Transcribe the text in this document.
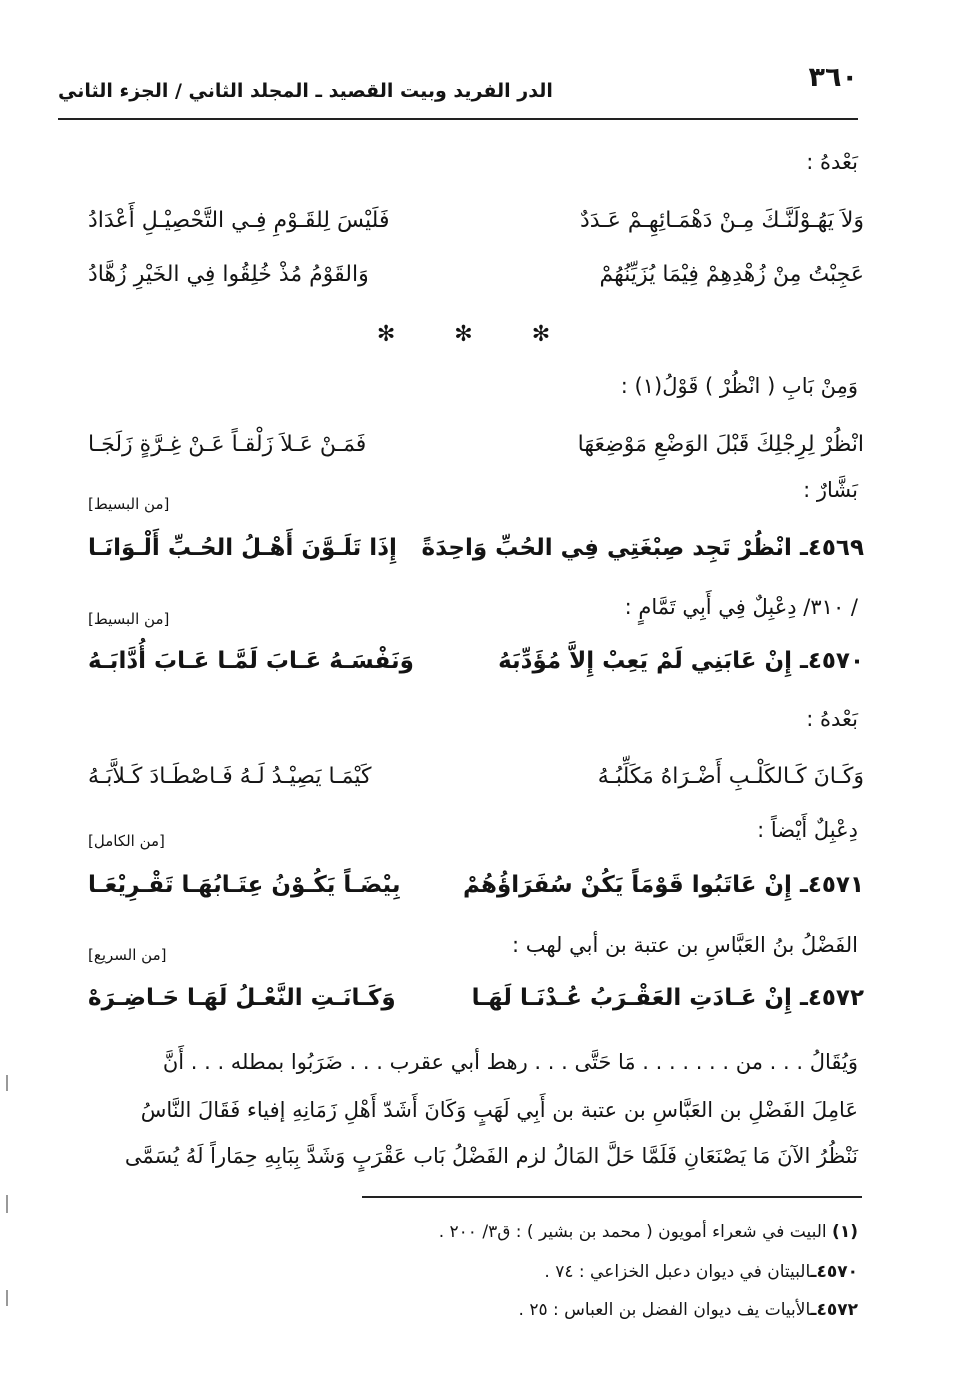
٣٦٠
الدر الفريد وبيت القصيد ـ المجلد الثاني / الجزء الثاني
بَعْدهُ :
وَلاَ يَهُـوْلَنَّـكَ مِـنْ دَهْمَـائِهِـمْ عَـدَدٌ
فَلَيْسَ لِلقَـوْمِ فِـي التَّحْصِيْـلِ أَعْدَادُ
عَجِبْتُ مِنْ زُهْدِهِمْ فِيْمَا يُزَيِّنُهُمْ
وَالقَوْمُ مُذْ خُلِقُوا فِي الخَيْرِ زُهَّادُ
✻ ✻ ✻
وَمِنْ بَابِ ( انْظُرْ ) قَوْلُ(١) :
انْظُرْ لِرِجْلِكَ قَبْلَ الوَضْعِ مَوْضِعَهَا
فَمَـنْ عَـلاَ زَلْقـاً عَـنْ غِـرَّةٍ زَلَجَـا
بَشَّارٌ :
[من البسيط]
٤٥٦٩ـ انْظُرْ تَجِد صِبْغَتِي فِي الحُبِّ وَاحِدَةً
إِذَا تَلَـوَّنَ أَهْـلُ الحُـبِّ أَلْـوَانَـا
/ ٣١٠/ دِعْبِلٌ فِي أَبِي تَمَّامٍ :
[من البسيط]
٤٥٧٠ـ إِنْ عَابَنِي لَمْ يَعِبْ إِلاَّ مُؤَدِّبَهُ
وَنَفْسَـهُ عَـابَ لَمَّـا عَـابَ أُدَّابَـهُ
بَعْدهُ :
وَكَـانَ كَـالكَلْـبِ أَضْـرَاهُ مَكَلِّبُـهُ
كَيْمَـا يَصِيْـدُ لَـهُ فَـاصْطَـادَ كَـلاَّبَـهُ
دِعْبِلٌ أَيْضاً :
[من الكامل]
٤٥٧١ـ إِنْ عَاتَبُوا قَوْمَاً يَكُنْ سُفَرَاؤُهُمْ
بِيْضَـاً يَكُـوْنُ عِتَـابُهَـا تَقْـرِيْعَـا
الفَضْلُ بنُ العَبَّاسِ بن عتبة بن أبي لهب :
[من السريع]
٤٥٧٢ـ إِنْ عَـادَتِ العَقْـرَبُ عُـدْنَـا لَهَـا
وَكَـانَـتِ النَّعْـلُ لَهَـا حَـاضِـرَهْ
وَيُقَالُ . . . من . . . . . . . مَا حَتَّى . . . رهط أبي عقرب . . . ضَرَبُوا بمطله . . . أَنَّ
عَامِلَ الفَضْلِ بن العَبَّاسِ بن عتبة بن أَبِي لَهَبٍ وَكَانَ أَشَدّ أَهْلِ زَمَانِهِ إفياء فَقَالَ النَّاسُ
نَنْظُرُ الآنَ مَا يَصْنَعَانِ فَلَمَّا حَلَّ المَالُ لزم الفَضْلُ بَاب عَقْرَبٍ وَشَدَّ بِبَابِهِ حِمَاراً لَهُ يُسَمَّى
(١) البيت في شعراء أمويون ( محمد بن بشير ) : ق٣/ ٢٠٠ .
٤٥٧٠ـالبيتان في ديوان دعبل الخزاعي : ٧٤ .
٤٥٧٢ـالأبيات يف ديوان الفضل بن العباس : ٢٥ .
